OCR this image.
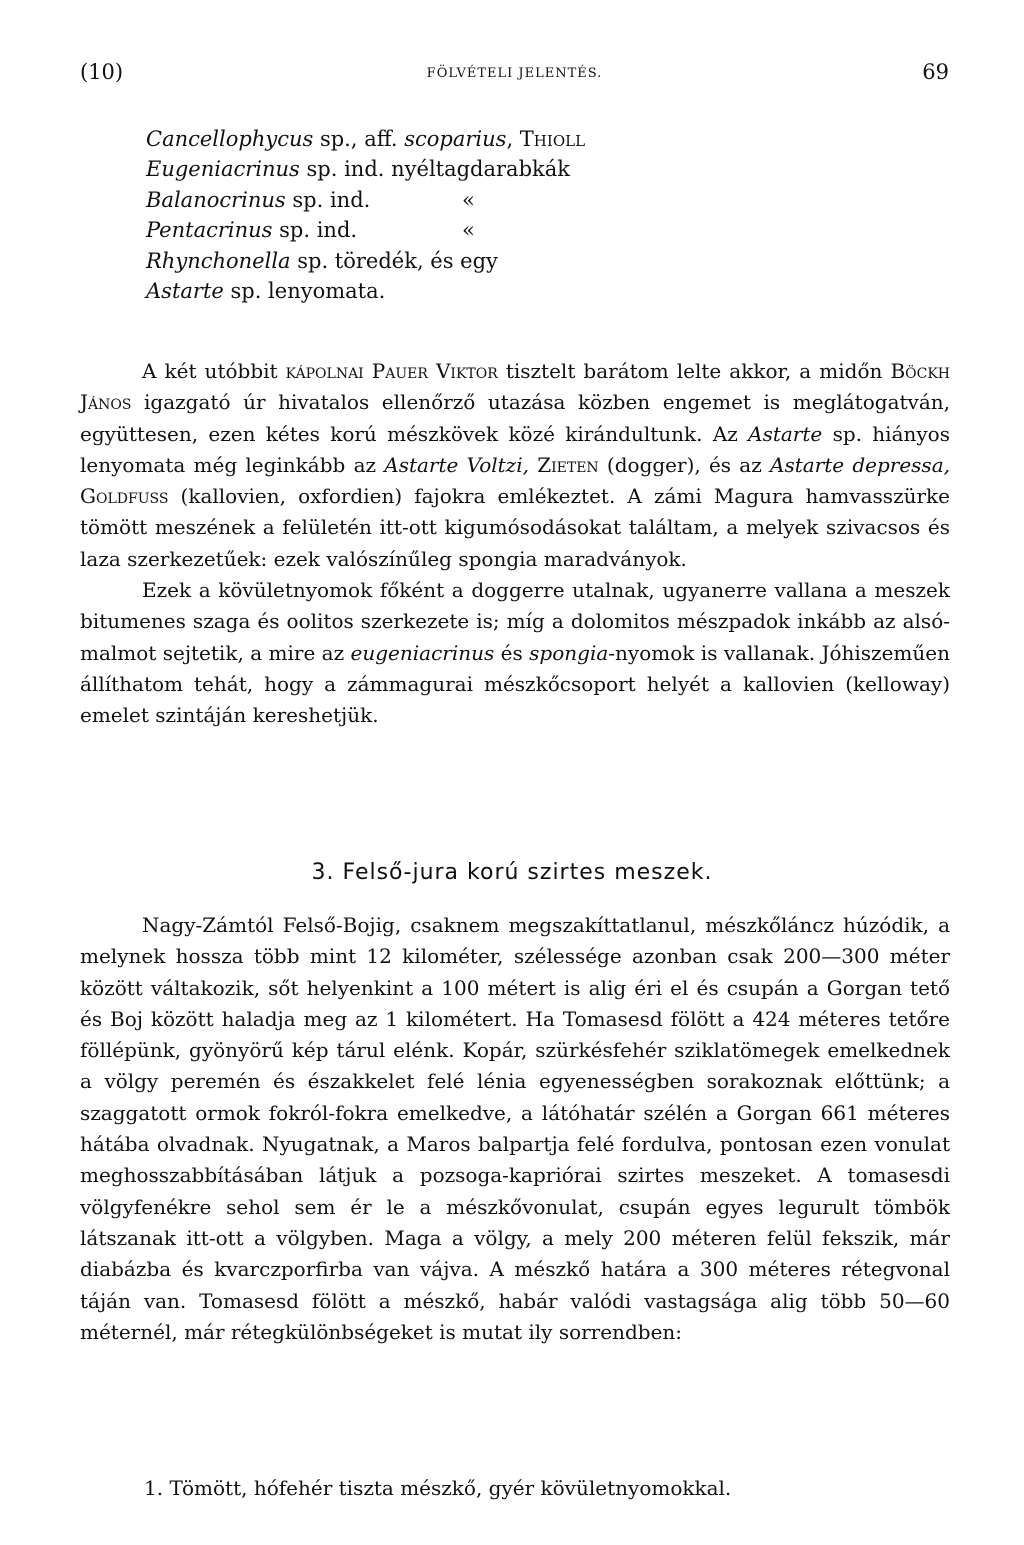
(10)	FÖLVÉTELI JELENTÉS.	69
Cancellophycus sp., aff. scoparius, Thioll
Eugeniacrinus sp. ind. nyéltagdarabkák
Balanocrinus sp. ind.	«
Pentacrinus sp. ind.	«
Rhynchonella sp. töredék, és egy
Astarte sp. lenyomata.

A két utóbbit kápolnai Pauer Viktor tisztelt barátom lelte akkor, a midőn Böckh János igazgató úr hivatalos ellenőrző utazása közben engemet is meglátogatván, együttesen, ezen kétes korú mészkövek közé kirándultunk. Az Astarte sp. hiányos lenyomata még leginkább az Astarte Voltzi, Zieten (dogger), és az Astarte depressa, Goldfuss (kallovien, oxfordien) fajokra emlékeztet. A zámi Magura hamvasszürke tömött meszének a felületén itt-ott kigumósodásokat találtam, a melyek szivacsos és laza szerkezetűek: ezek valószínűleg spongia maradványok.

Ezek a kövületnyomok főként a doggerre utalnak, ugyanerre vallana a meszek bitumenes szaga és oolitos szerkezete is; míg a dolomitos mészpadok inkább az alsó-malmot sejtetik, a mire az eugeniacrinus és spongia-nyomok is vallanak. Jóhiszeműen állíthatom tehát, hogy a zámmagurai mészkőcsoport helyét a kallovien (kelloway) emelet szintáján kereshetjük.

3. Felső-jura korú szirtes meszek.

Nagy-Zámtól Felső-Bojig, csaknem megszakíttatlanul, mészkőláncz húzódik, a melynek hossza több mint 12 kilométer, szélessége azonban csak 200—300 méter között váltakozik, sőt helyenkint a 100 métert is alig éri el és csupán a Gorgan tető és Boj között haladja meg az 1 kilométert. Ha Tomasesd fölött a 424 méteres tetőre föllépünk, gyönyörű kép tárul elénk. Kopár, szürkésfehér sziklatömegek emelkednek a völgy peremén és északkelet felé lénia egyenességben sorakoznak előttünk; a szaggatott ormok fokról-fokra emelkedve, a látóhatár szélén a Gorgan 661 méteres hátába olvadnak. Nyugatnak, a Maros balpartja felé fordulva, pontosan ezen vonulat meghosszabbításában látjuk a pozsoga-kapriórai szirtes meszeket. A tomasesdi völgyfenékre sehol sem ér le a mészkővonulat, csupán egyes legurult tömbök látszanak itt-ott a völgyben. Maga a völgy, a mely 200 méteren felül fekszik, már diabázba és kvarczporfirba van vájva. A mészkő határa a 300 méteres rétegvonal táján van. Tomasesd fölött a mészkő, habár valódi vastagsága alig több 50—60 méternél, már rétegkülönbségeket is mutat ily sorrendben:

1. Tömött, hófehér tiszta mészkő, gyér kövületnyomokkal.
